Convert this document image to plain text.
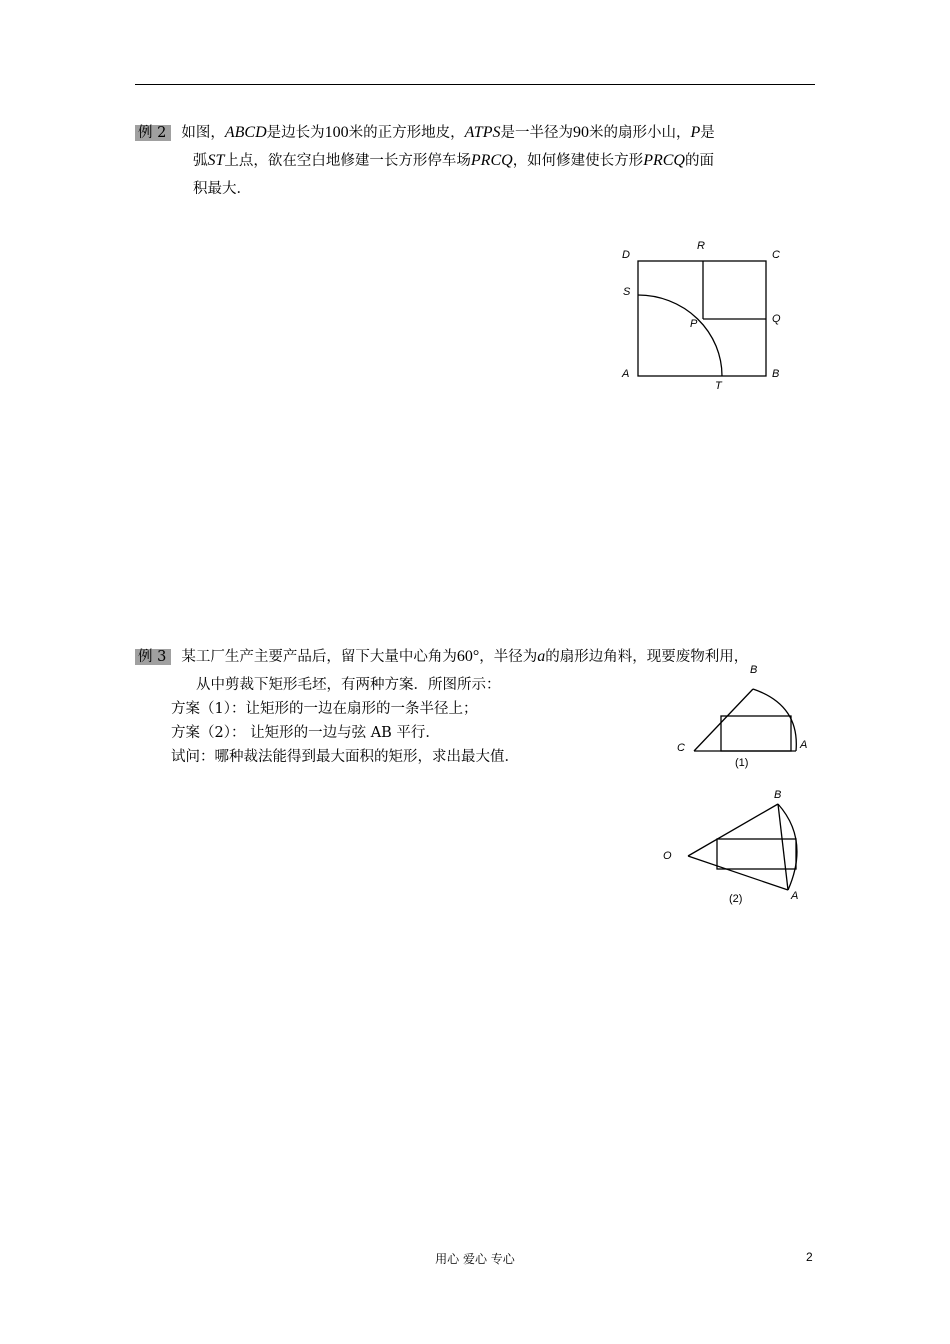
例 2 如图，ABCD是边长为100米的正方形地皮，ATPS是一半径为90米的扇形小山，P是
弧ST上点，欲在空白地修建一长方形停车场PRCQ，如何修建使长方形PRCQ的面
积最大．
D
R
C
S
Q
P
A	B
T
例 3 某工厂生产主要产品后，留下大量中心角为60°，半径为a的扇形边角料，现要废物利用，
从中剪裁下矩形毛坯，有两种方案．所图所示：
方案（1）：让矩形的一边在扇形的一条半径上；
方案（2）： 让矩形的一边与弦 AB 平行．
试问：哪种裁法能得到最大面积的矩形，求出最大值．
B
C	A
(1)
B
O
A
(2)
用心 爱心 专心	2
